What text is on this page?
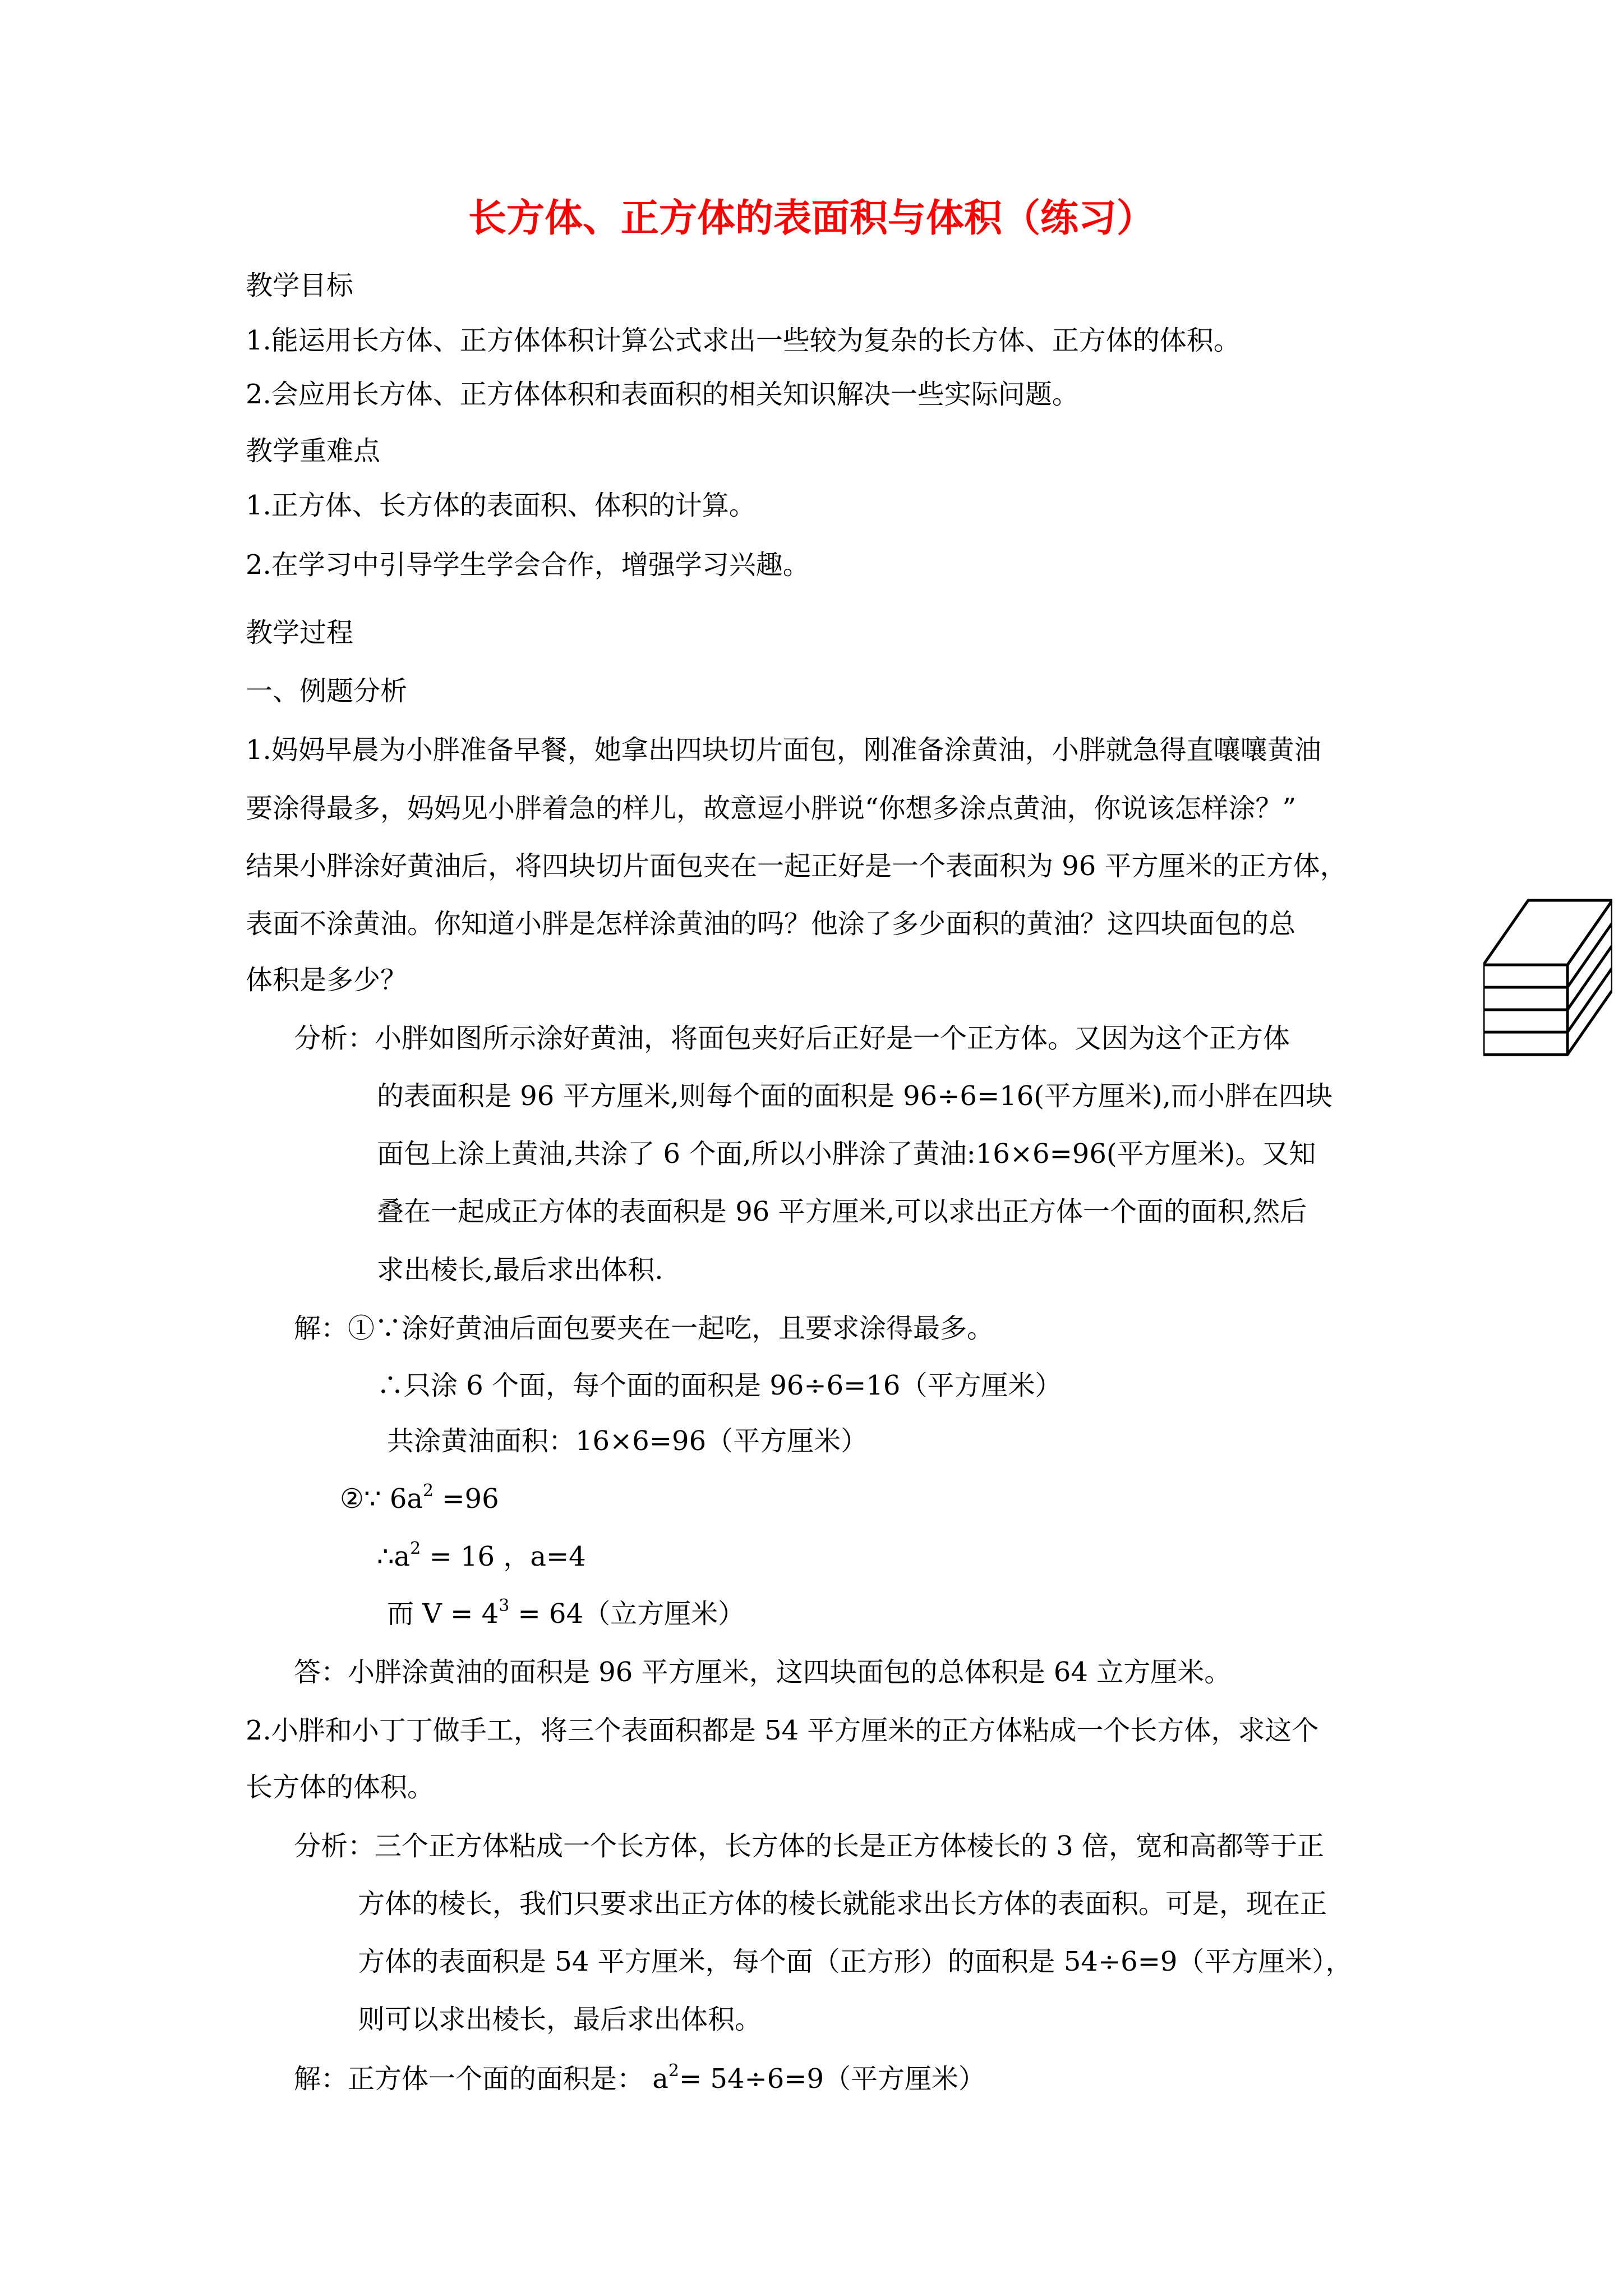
长方体、正方体的表面积与体积（练习）
教学目标
1.能运用长方体、正方体体积计算公式求出一些较为复杂的长方体、正方体的体积。
2.会应用长方体、正方体体积和表面积的相关知识解决一些实际问题。
教学重难点
1.正方体、长方体的表面积、体积的计算。
2.在学习中引导学生学会合作，增强学习兴趣。
教学过程
一、例题分析
1.妈妈早晨为小胖准备早餐，她拿出四块切片面包，刚准备涂黄油，小胖就急得直嚷嚷黄油
要涂得最多，妈妈见小胖着急的样儿，故意逗小胖说“你想多涂点黄油，你说该怎样涂？”
结果小胖涂好黄油后，将四块切片面包夹在一起正好是一个表面积为 96 平方厘米的正方体，
表面不涂黄油。你知道小胖是怎样涂黄油的吗？他涂了多少面积的黄油？这四块面包的总
体积是多少？
分析：小胖如图所示涂好黄油，将面包夹好后正好是一个正方体。又因为这个正方体
的表面积是 96 平方厘米,则每个面的面积是 96÷6=16(平方厘米),而小胖在四块
面包上涂上黄油,共涂了 6 个面,所以小胖涂了黄油:16×6=96(平方厘米)。又知
叠在一起成正方体的表面积是 96 平方厘米,可以求出正方体一个面的面积,然后
求出棱长,最后求出体积.
解：①∵涂好黄油后面包要夹在一起吃，且要求涂得最多。
∴只涂 6 个面，每个面的面积是 96÷6=16（平方厘米）
共涂黄油面积：16×6=96（平方厘米）
②∵ $6a^2 =96$
$\therefore a^2 = 16$ ，a=4
而 $V = 4^3 = 64$（立方厘米）
答：小胖涂黄油的面积是 96 平方厘米，这四块面包的总体积是 64 立方厘米。
2.小胖和小丁丁做手工，将三个表面积都是 54 平方厘米的正方体粘成一个长方体，求这个
长方体的体积。
分析：三个正方体粘成一个长方体，长方体的长是正方体棱长的 3 倍，宽和高都等于正
方体的棱长，我们只要求出正方体的棱长就能求出长方体的表面积。可是，现在正
方体的表面积是 54 平方厘米，每个面（正方形）的面积是 54÷6=9（平方厘米），
则可以求出棱长，最后求出体积。
解：正方体一个面的面积是： $a^2= 54\div 6=9$（平方厘米）
